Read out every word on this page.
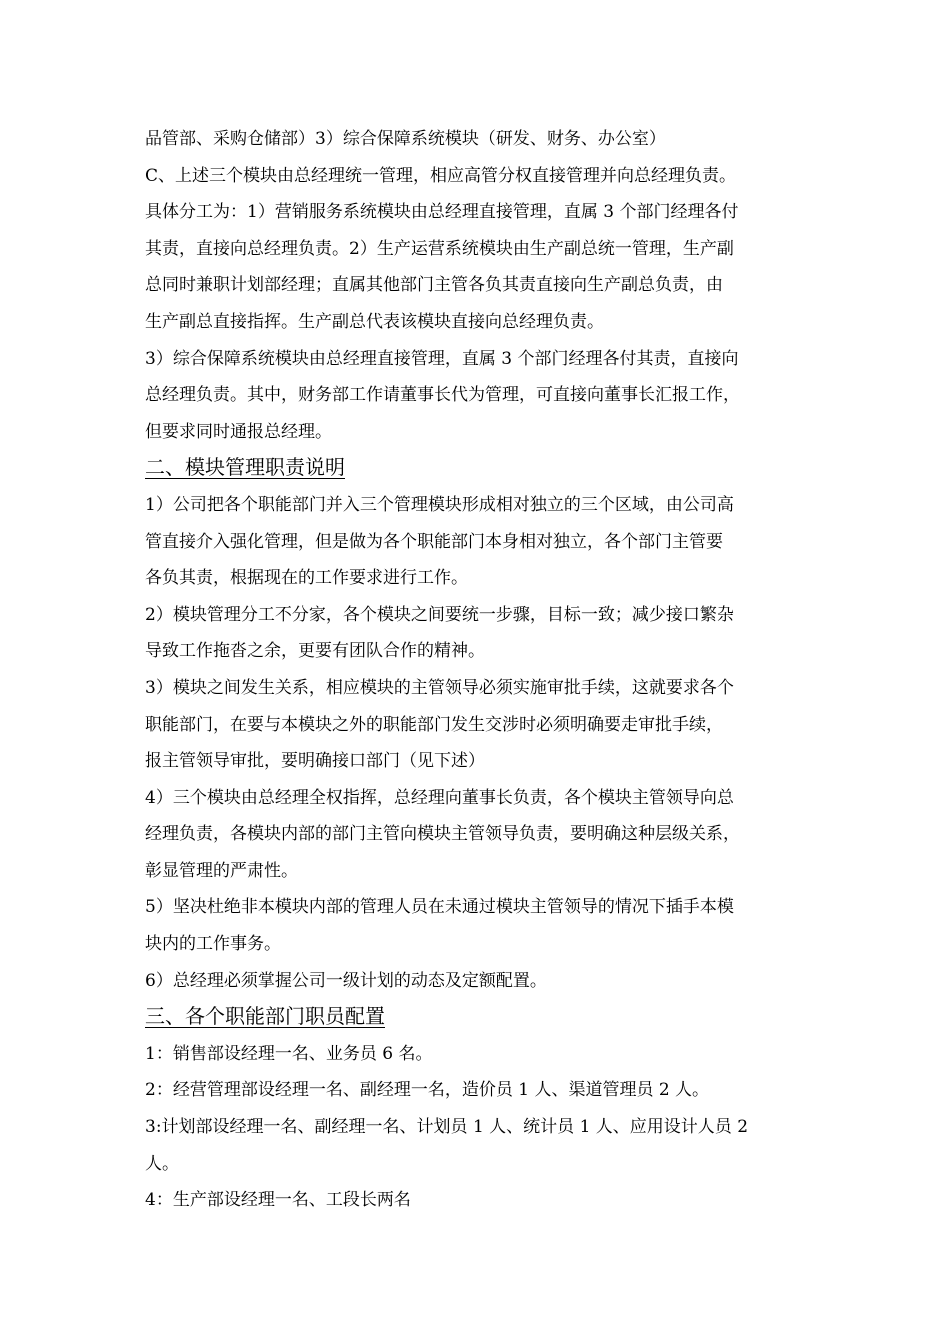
品管部、采购仓储部）3）综合保障系统模块（研发、财务、办公室）
C、上述三个模块由总经理统一管理，相应高管分权直接管理并向总经理负责。
具体分工为：1）营销服务系统模块由总经理直接管理，直属 3 个部门经理各付
其责，直接向总经理负责。2）生产运营系统模块由生产副总统一管理，生产副
总同时兼职计划部经理；直属其他部门主管各负其责直接向生产副总负责，由
生产副总直接指挥。生产副总代表该模块直接向总经理负责。
3）综合保障系统模块由总经理直接管理，直属 3 个部门经理各付其责，直接向
总经理负责。其中，财务部工作请董事长代为管理，可直接向董事长汇报工作，
但要求同时通报总经理。
二、模块管理职责说明
1）公司把各个职能部门并入三个管理模块形成相对独立的三个区域，由公司高
管直接介入强化管理，但是做为各个职能部门本身相对独立，各个部门主管要
各负其责，根据现在的工作要求进行工作。
2）模块管理分工不分家，各个模块之间要统一步骤，目标一致；减少接口繁杂
导致工作拖沓之余，更要有团队合作的精神。
3）模块之间发生关系，相应模块的主管领导必须实施审批手续，这就要求各个
职能部门，在要与本模块之外的职能部门发生交涉时必须明确要走审批手续，
报主管领导审批，要明确接口部门（见下述）
4）三个模块由总经理全权指挥，总经理向董事长负责，各个模块主管领导向总
经理负责，各模块内部的部门主管向模块主管领导负责，要明确这种层级关系，
彰显管理的严肃性。
5）坚决杜绝非本模块内部的管理人员在未通过模块主管领导的情况下插手本模
块内的工作事务。
6）总经理必须掌握公司一级计划的动态及定额配置。
三、各个职能部门职员配置
1：销售部设经理一名、业务员 6 名。
2：经营管理部设经理一名、副经理一名，造价员 1 人、渠道管理员 2 人。
3:计划部设经理一名、副经理一名、计划员 1 人、统计员 1 人、应用设计人员 2
人。
4：生产部设经理一名、工段长两名
